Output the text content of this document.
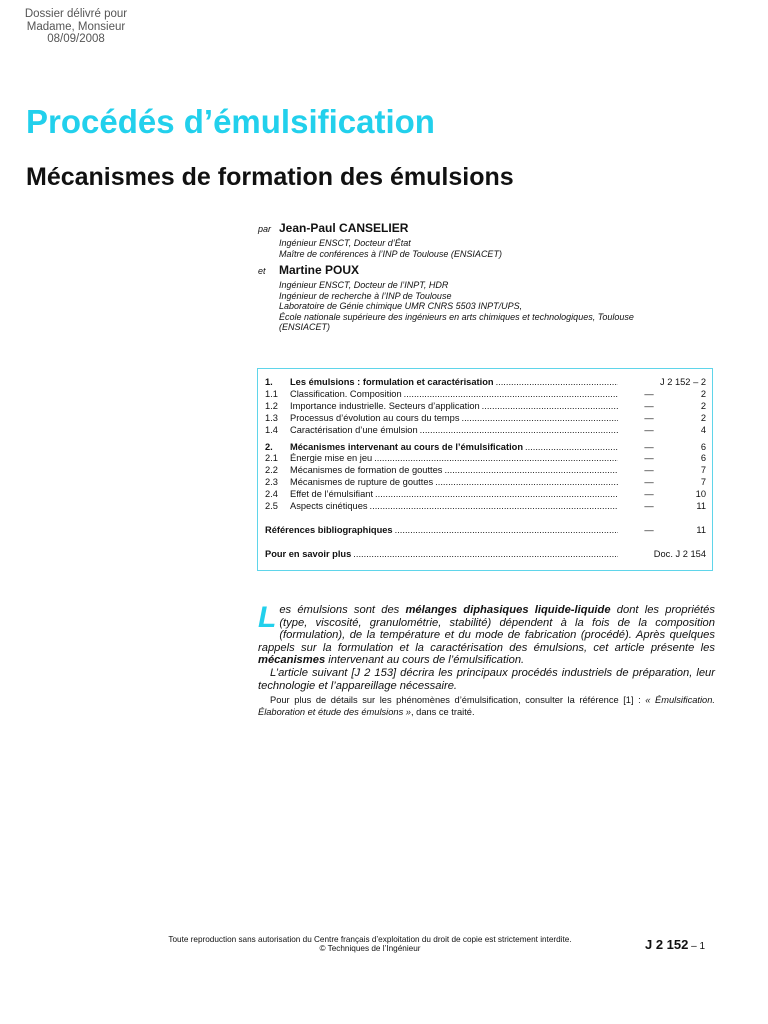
Dossier délivré pour
Madame, Monsieur
08/09/2008
Procédés d’émulsification
Mécanismes de formation des émulsions
par Jean-Paul CANSELIER
Ingénieur ENSCT, Docteur d’État
Maître de conférences à l’INP de Toulouse (ENSIACET)
et	Martine POUX
Ingénieur ENSCT, Docteur de l’INPT, HDR
Ingénieur de recherche à l’INP de Toulouse
Laboratoire de Génie chimique UMR CNRS 5503 INPT/UPS,
École nationale supérieure des ingénieurs en arts chimiques et technologiques, Toulouse
(ENSIACET)
1.	Les émulsions : formulation et caractérisation .....	J 2 152 – 2
1.1	Classification. Composition .....	—	2
1.2	Importance industrielle. Secteurs d’application .....	—	2
1.3	Processus d’évolution au cours du temps .....	—	2
1.4	Caractérisation d’une émulsion .....	—	4
2.	Mécanismes intervenant au cours de l’émulsification .....	—	6
2.1	Énergie mise en jeu .....	—	6
2.2	Mécanismes de formation de gouttes .....	—	7
2.3	Mécanismes de rupture de gouttes .....	—	7
2.4	Effet de l’émulsifiant .....	—	10
2.5	Aspects cinétiques .....	—	11
Références bibliographiques .....	—	11
Pour en savoir plus .....	Doc. J 2 154

Les émulsions sont des mélanges diphasiques liquide-liquide dont les propriétés (type, viscosité, granulométrie, stabilité) dépendent à la fois de la composition (formulation), de la température et du mode de fabrication (procédé). Après quelques rappels sur la formulation et la caractérisation des émulsions, cet article présente les mécanismes intervenant au cours de l’émulsification.

L’article suivant [J 2 153] décrira les principaux procédés industriels de préparation, leur technologie et l’appareillage nécessaire.

Pour plus de détails sur les phénomènes d’émulsification, consulter la référence [1] : « Émulsification. Élaboration et étude des émulsions », dans ce traité.

Toute reproduction sans autorisation du Centre français d’exploitation du droit de copie est strictement interdite.
© Techniques de l’Ingénieur	J 2 152 – 1
